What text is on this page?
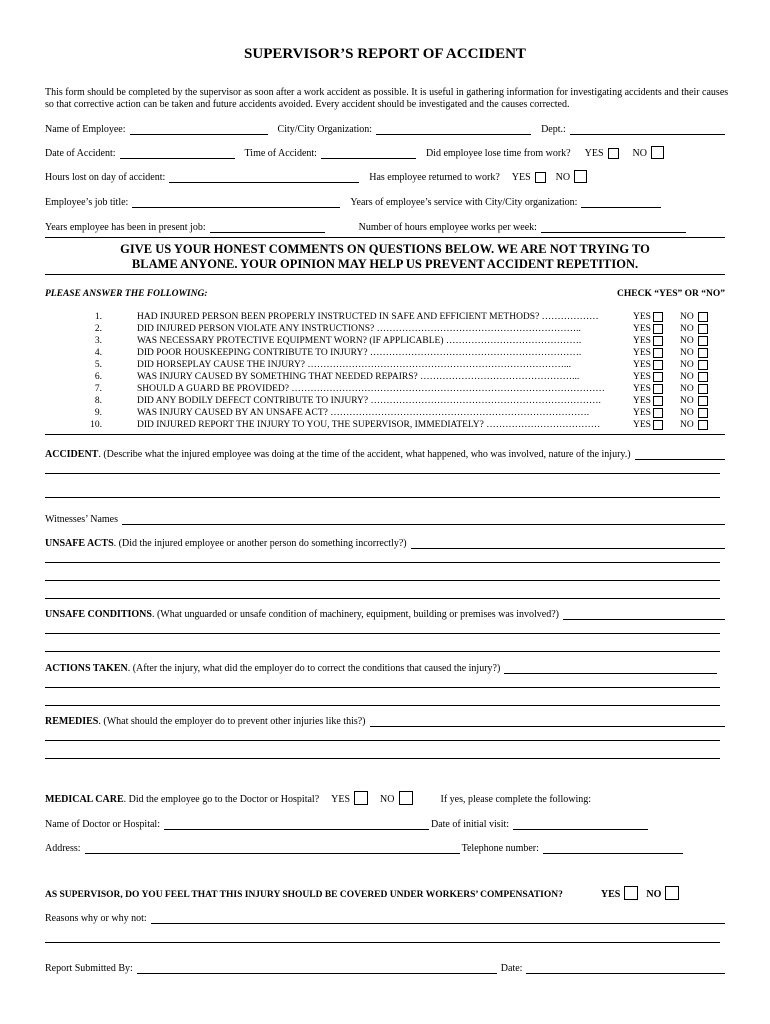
SUPERVISOR’S REPORT OF ACCIDENT
This form should be completed by the supervisor as soon after a work accident as possible. It is useful in gathering information for investigating accidents and their causes so that corrective action can be taken and future accidents avoided. Every accident should be investigated and the causes corrected.
Name of Employee:	City/City Organization:	Dept.:
Date of Accident:	Time of Accident:	Did employee lose time from work?	YES	NO
Hours lost on day of accident:	Has employee returned to work?	YES	NO
Employee’s job title:	Years of employee’s service with City/City organization:
Years employee has been in present job:	Number of hours employee works per week:
GIVE US YOUR HONEST COMMENTS ON QUESTIONS BELOW. WE ARE NOT TRYING TO
BLAME ANYONE. YOUR OPINION MAY HELP US PREVENT ACCIDENT REPETITION.
PLEASE ANSWER THE FOLLOWING:	CHECK “YES” OR “NO”
1.	HAD INJURED PERSON BEEN PROPERLY INSTRUCTED IN SAFE AND EFFICIENT METHODS? ………………	YES	NO
2.	DID INJURED PERSON VIOLATE ANY INSTRUCTIONS? ………………………………………………………..	YES	NO
3.	WAS NECESSARY PROTECTIVE EQUIPMENT WORN? (IF APPLICABLE) …………………………………….	YES	NO
4.	DID POOR HOUSKEEPING CONTRIBUTE TO INJURY? ………………………………………………………….	YES	NO
5.	DID HORSEPLAY CAUSE THE INJURY? ………………………………………………………………………...	YES	NO
6.	WAS INJURY CAUSED BY SOMETHING THAT NEEDED REPAIRS? …………………………………………...	YES	NO
7.	SHOULD A GUARD BE PROVIDED? ………………………………………………………………………………………	YES	NO
8.	DID ANY BODILY DEFECT CONTRIBUTE TO INJURY? ……………………………………………………………….	YES	NO
9.	WAS INJURY CAUSED BY AN UNSAFE ACT? ……………………………………………………………………….	YES	NO
10.	DID INJURED REPORT THE INJURY TO YOU, THE SUPERVISOR, IMMEDIATELY? ………………………………	YES	NO
ACCIDENT . (Describe what the injured employee was doing at the time of the accident, what happened, who was involved, nature of the injury.)
Witnesses’ Names
UNSAFE ACTS . (Did the injured employee or another person do something incorrectly?)
UNSAFE CONDITIONS . (What unguarded or unsafe condition of machinery, equipment, building or premises was involved?)
ACTIONS TAKEN . (After the injury, what did the employer do to correct the conditions that caused the injury?)
REMEDIES . (What should the employer do to prevent other injuries like this?)
MEDICAL CARE . Did the employee go to the Doctor or Hospital?	YES	NO	If yes, please complete the following:
Name of Doctor or Hospital:	Date of initial visit:
Address:	Telephone number:
AS SUPERVISOR, DO YOU FEEL THAT THIS INJURY SHOULD BE COVERED UNDER WORKERS’ COMPENSATION?	YES	NO
Reasons why or why not:
Report Submitted By:	Date:
